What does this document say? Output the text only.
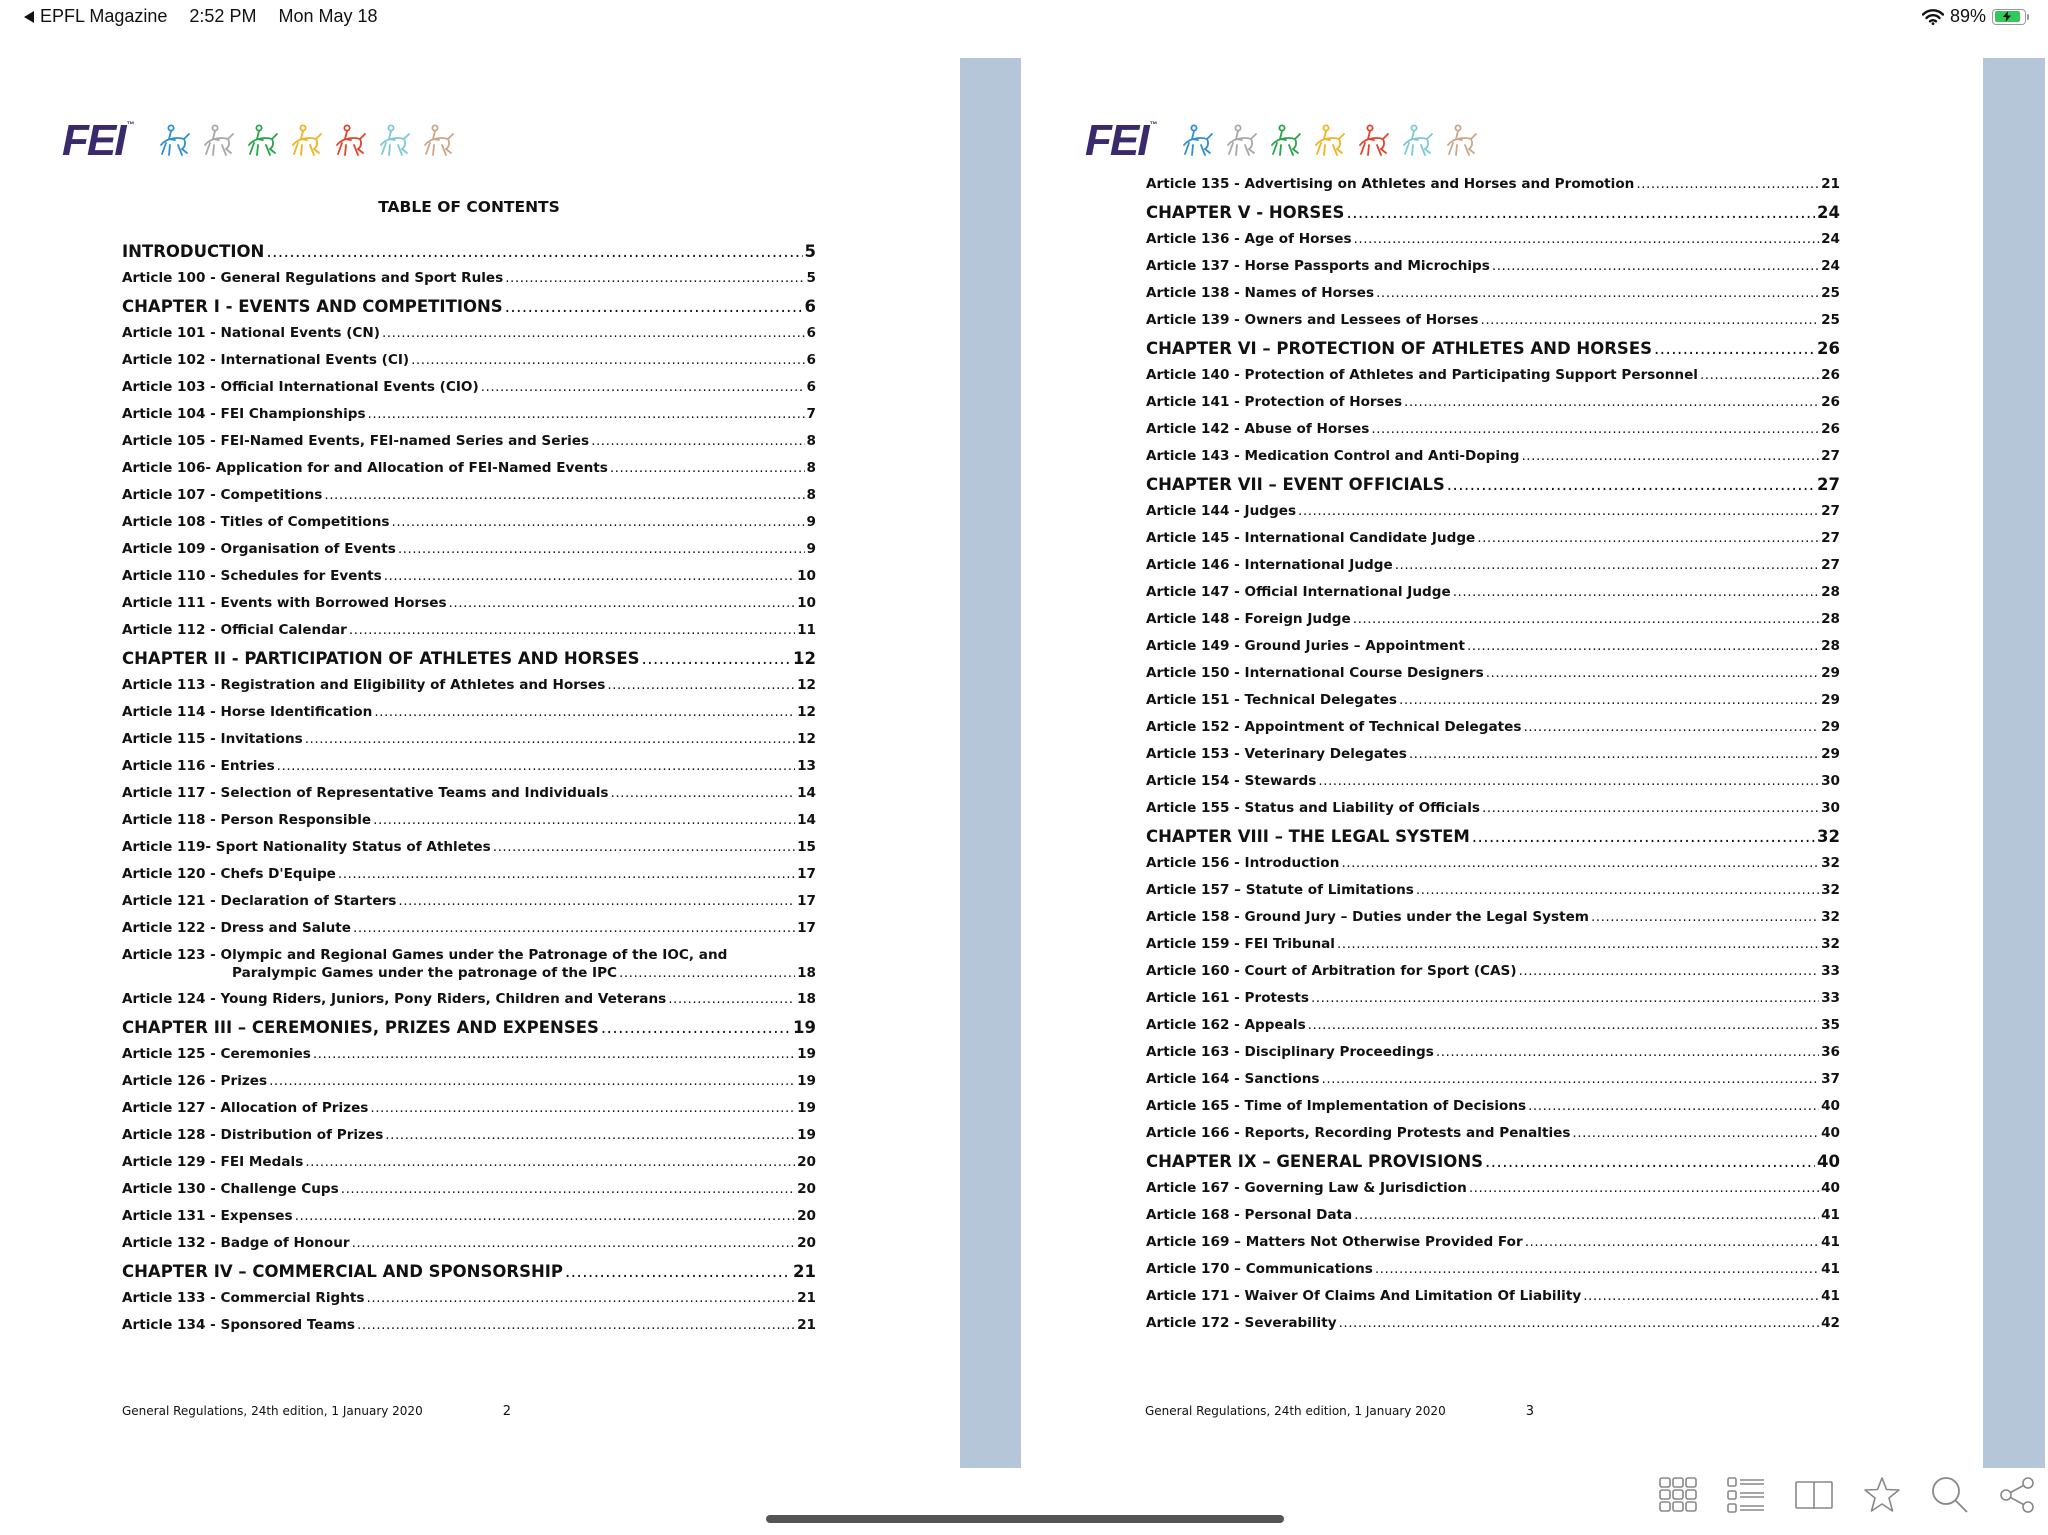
EPFL Magazine 2:52 PM Mon May 18	89%
FEI ™
TABLE OF CONTENTS
INTRODUCTION .....	5
Article 100 - General Regulations and Sport Rules .....	5
CHAPTER I - EVENTS AND COMPETITIONS .....	6
Article 101 - National Events (CN) .....	6
Article 102 - International Events (CI) .....	6
Article 103 - Official International Events (CIO) .....	6
Article 104 - FEI Championships .....	7
Article 105 - FEI-Named Events, FEI-named Series and Series .....	8
Article 106- Application for and Allocation of FEI-Named Events .....	8
Article 107 - Competitions .....	8
Article 108 - Titles of Competitions .....	9
Article 109 - Organisation of Events .....	9
Article 110 - Schedules for Events .....	10
Article 111 - Events with Borrowed Horses .....	10
Article 112 - Official Calendar .....	11
CHAPTER II - PARTICIPATION OF ATHLETES AND HORSES .....	12
Article 113 - Registration and Eligibility of Athletes and Horses .....	12
Article 114 - Horse Identification .....	12
Article 115 - Invitations .....	12
Article 116 - Entries .....	13
Article 117 - Selection of Representative Teams and Individuals .....	14
Article 118 - Person Responsible .....	14
Article 119- Sport Nationality Status of Athletes .....	15
Article 120 - Chefs D'Equipe .....	17
Article 121 - Declaration of Starters .....	17
Article 122 - Dress and Salute .....	17
Article 123 - Olympic and Regional Games under the Patronage of the IOC, and
Paralympic Games under the patronage of the IPC .....	18
Article 124 - Young Riders, Juniors, Pony Riders, Children and Veterans .....	18
CHAPTER III – CEREMONIES, PRIZES AND EXPENSES .....	19
Article 125 - Ceremonies .....	19
Article 126 - Prizes .....	19
Article 127 - Allocation of Prizes .....	19
Article 128 - Distribution of Prizes .....	19
Article 129 - FEI Medals .....	20
Article 130 - Challenge Cups .....	20
Article 131 - Expenses .....	20
Article 132 - Badge of Honour .....	20
CHAPTER IV – COMMERCIAL AND SPONSORSHIP .....	21
Article 133 - Commercial Rights .....	21
Article 134 - Sponsored Teams .....	21
General Regulations, 24th edition, 1 January 2020	2
FEI ™
Article 135 - Advertising on Athletes and Horses and Promotion .....	21
CHAPTER V - HORSES .....	24
Article 136 - Age of Horses .....	24
Article 137 - Horse Passports and Microchips .....	24
Article 138 - Names of Horses .....	25
Article 139 - Owners and Lessees of Horses .....	25
CHAPTER VI – PROTECTION OF ATHLETES AND HORSES .....	26
Article 140 - Protection of Athletes and Participating Support Personnel .....	26
Article 141 - Protection of Horses .....	26
Article 142 - Abuse of Horses .....	26
Article 143 - Medication Control and Anti-Doping .....	27
CHAPTER VII – EVENT OFFICIALS .....	27
Article 144 - Judges .....	27
Article 145 - International Candidate Judge .....	27
Article 146 - International Judge .....	27
Article 147 - Official International Judge .....	28
Article 148 - Foreign Judge .....	28
Article 149 - Ground Juries – Appointment .....	28
Article 150 - International Course Designers .....	29
Article 151 - Technical Delegates .....	29
Article 152 - Appointment of Technical Delegates .....	29
Article 153 - Veterinary Delegates .....	29
Article 154 - Stewards .....	30
Article 155 - Status and Liability of Officials .....	30
CHAPTER VIII – THE LEGAL SYSTEM .....	32
Article 156 - Introduction .....	32
Article 157 – Statute of Limitations .....	32
Article 158 - Ground Jury – Duties under the Legal System .....	32
Article 159 - FEI Tribunal .....	32
Article 160 - Court of Arbitration for Sport (CAS) .....	33
Article 161 - Protests .....	33
Article 162 - Appeals .....	35
Article 163 - Disciplinary Proceedings .....	36
Article 164 - Sanctions .....	37
Article 165 - Time of Implementation of Decisions .....	40
Article 166 - Reports, Recording Protests and Penalties .....	40
CHAPTER IX – GENERAL PROVISIONS .....	40
Article 167 - Governing Law & Jurisdiction .....	40
Article 168 - Personal Data .....	41
Article 169 – Matters Not Otherwise Provided For .....	41
Article 170 – Communications .....	41
Article 171 - Waiver Of Claims And Limitation Of Liability .....	41
Article 172 - Severability .....	42
General Regulations, 24th edition, 1 January 2020	3
